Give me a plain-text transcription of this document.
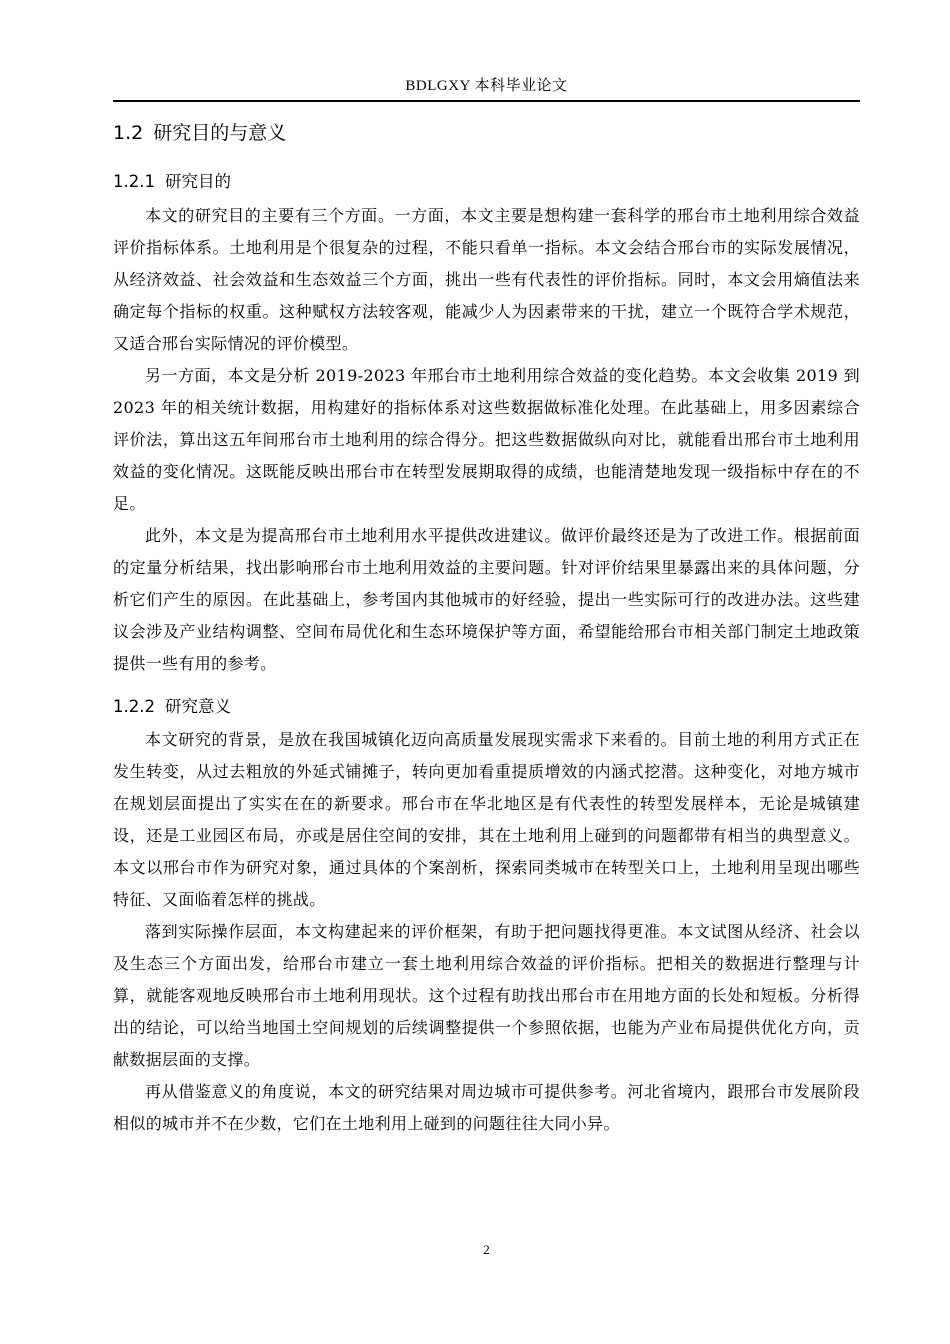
BDLGXY 本科毕业论文
1.2 研究目的与意义
1.2.1 研究目的

本文的研究目的主要有三个方面。一方面，本文主要是想构建一套科学的邢台市土地利用综合效益评价指标体系。土地利用是个很复杂的过程，不能只看单一指标。本文会结合邢台市的实际发展情况，从经济效益、社会效益和生态效益三个方面，挑出一些有代表性的评价指标。同时，本文会用熵值法来确定每个指标的权重。这种赋权方法较客观，能减少人为因素带来的干扰，建立一个既符合学术规范，又适合邢台实际情况的评价模型。

另一方面，本文是分析 2019-2023 年邢台市土地利用综合效益的变化趋势。本文会收集 2019 到 2023 年的相关统计数据，用构建好的指标体系对这些数据做标准化处理。在此基础上，用多因素综合评价法，算出这五年间邢台市土地利用的综合得分。把这些数据做纵向对比，就能看出邢台市土地利用效益的变化情况。这既能反映出邢台市在转型发展期取得的成绩，也能清楚地发现一级指标中存在的不足。

此外，本文是为提高邢台市土地利用水平提供改进建议。做评价最终还是为了改进工作。根据前面的定量分析结果，找出影响邢台市土地利用效益的主要问题。针对评价结果里暴露出来的具体问题，分析它们产生的原因。在此基础上，参考国内其他城市的好经验，提出一些实际可行的改进办法。这些建议会涉及产业结构调整、空间布局优化和生态环境保护等方面，希望能给邢台市相关部门制定土地政策提供一些有用的参考。

1.2.2 研究意义

本文研究的背景，是放在我国城镇化迈向高质量发展现实需求下来看的。目前土地的利用方式正在发生转变，从过去粗放的外延式铺摊子，转向更加看重提质增效的内涵式挖潜。这种变化，对地方城市在规划层面提出了实实在在的新要求。邢台市在华北地区是有代表性的转型发展样本，无论是城镇建设，还是工业园区布局，亦或是居住空间的安排，其在土地利用上碰到的问题都带有相当的典型意义。本文以邢台市作为研究对象，通过具体的个案剖析，探索同类城市在转型关口上，土地利用呈现出哪些特征、又面临着怎样的挑战。

落到实际操作层面，本文构建起来的评价框架，有助于把问题找得更准。本文试图从经济、社会以及生态三个方面出发，给邢台市建立一套土地利用综合效益的评价指标。把相关的数据进行整理与计算，就能客观地反映邢台市土地利用现状。这个过程有助找出邢台市在用地方面的长处和短板。分析得出的结论，可以给当地国土空间规划的后续调整提供一个参照依据，也能为产业布局提供优化方向，贡献数据层面的支撑。

再从借鉴意义的角度说，本文的研究结果对周边城市可提供参考。河北省境内，跟邢台市发展阶段相似的城市并不在少数，它们在土地利用上碰到的问题往往大同小异。

2
